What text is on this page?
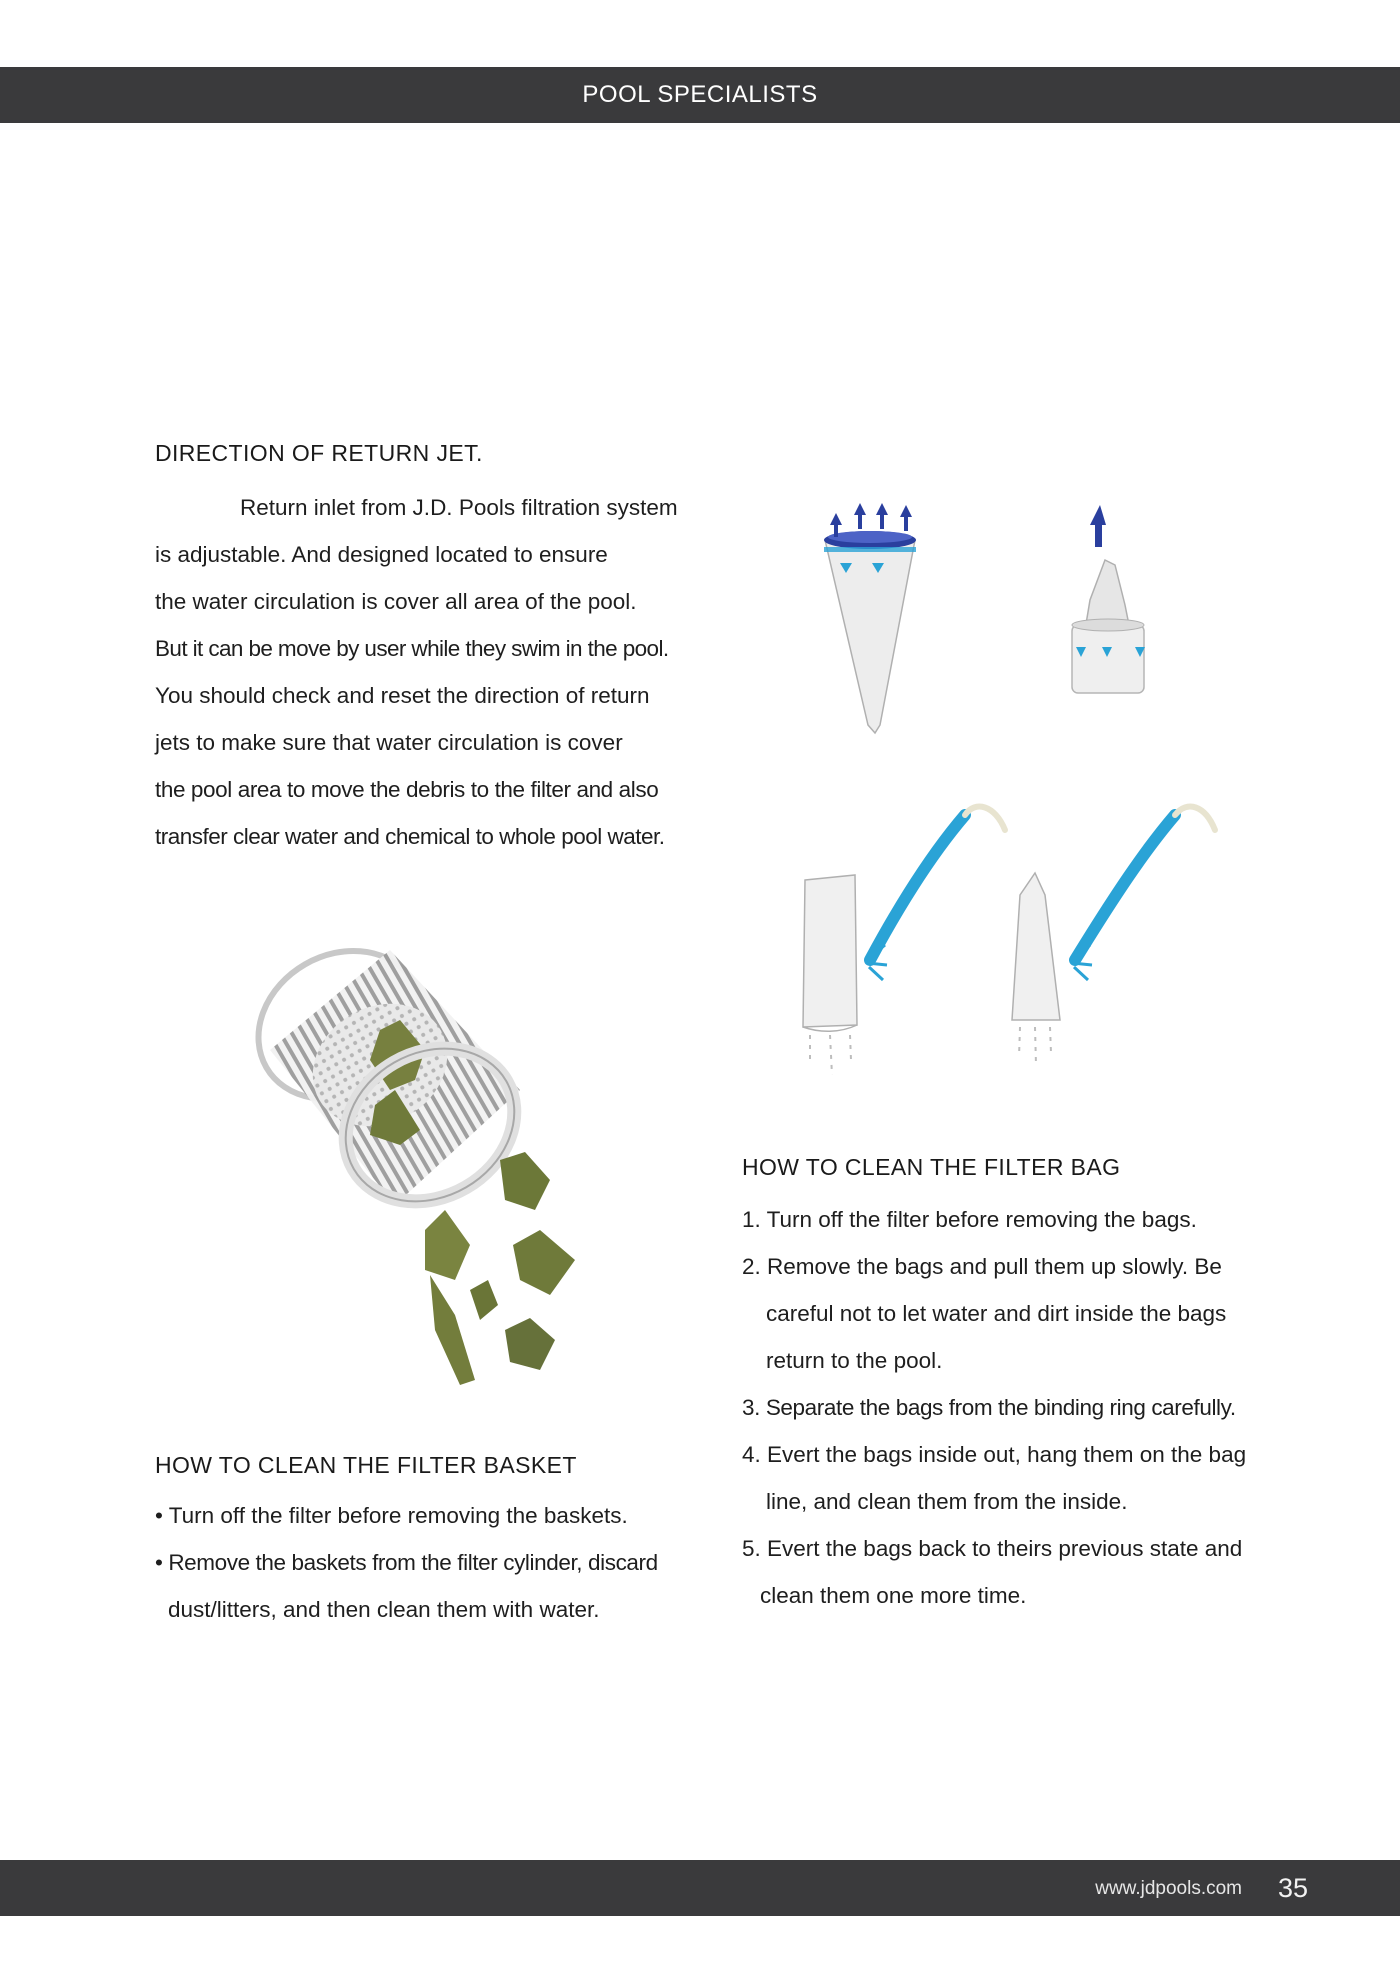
POOL SPECIALISTS
DIRECTION OF RETURN JET.
Return inlet from J.D. Pools filtration system
is adjustable. And designed located to ensure
the water circulation is cover all area of the pool.
But it can be move by user while they swim in the pool.
You should check and reset the direction of return
jets to make sure that water circulation is cover
the pool area to move the debris to the filter and also
transfer clear water and chemical to whole pool water.
HOW TO CLEAN THE FILTER BASKET
• Turn off the filter before removing the baskets.
• Remove the baskets from the filter cylinder, discard
dust/litters, and then clean them with water.
HOW TO CLEAN THE FILTER BAG
1. Turn off the filter before removing the bags.
2. Remove the bags and pull them up slowly. Be
careful not to let water and dirt inside the bags
return to the pool.
3. Separate the bags from the binding ring carefully.
4. Evert the bags inside out, hang them on the bag
line, and clean them from the inside.
5. Evert the bags back to theirs previous state and
clean them one more time.
www.jdpools.com 35
